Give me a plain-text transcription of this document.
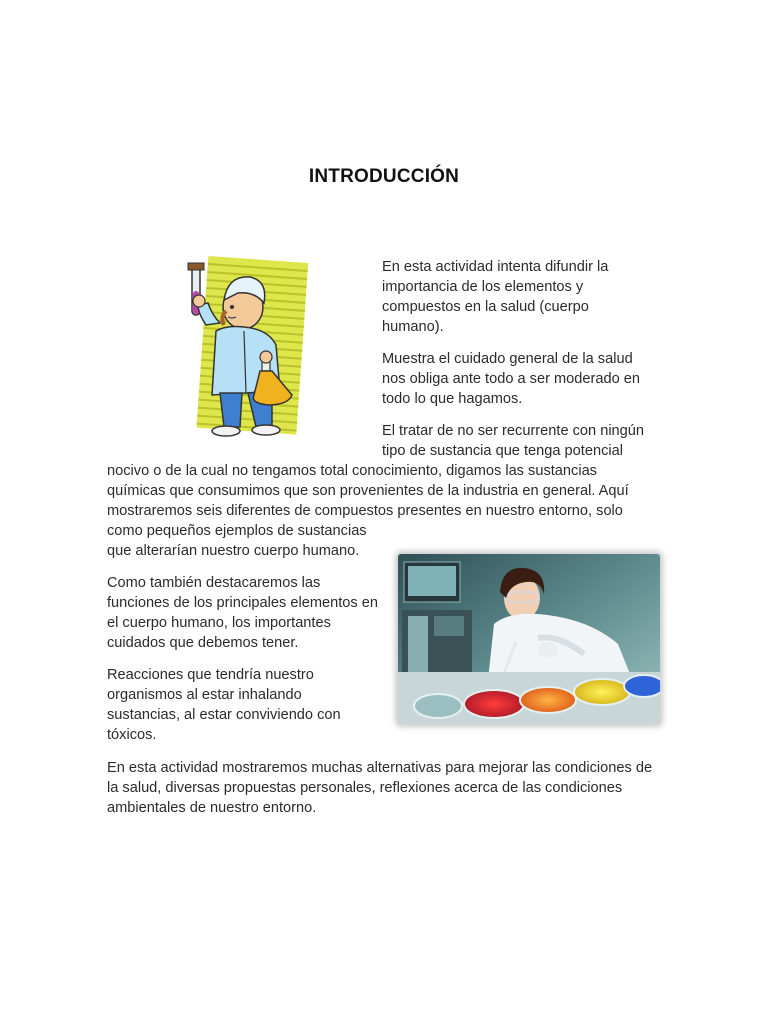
INTRODUCCIÓN
En esta actividad intenta difundir la importancia de los elementos y compuestos en la salud (cuerpo humano).
Muestra el cuidado general de la salud nos obliga ante todo a ser moderado en todo lo que hagamos.
El tratar de no ser recurrente con ningún
tipo de sustancia que tenga potencial
nocivo o de la cual no tengamos total conocimiento, digamos las sustancias
químicas que consumimos que son provenientes de la industria en general. Aquí
mostraremos seis diferentes de compuestos presentes en nuestro entorno, solo
como pequeños ejemplos de sustancias
que alterarían nuestro cuerpo humano.
Como también destacaremos las funciones de los principales elementos en el cuerpo humano, los importantes cuidados que debemos tener.
Reacciones que tendría nuestro organismos al estar inhalando sustancias, al estar conviviendo con tóxicos.
En esta actividad mostraremos muchas alternativas para mejorar las condiciones de la salud, diversas propuestas personales, reflexiones acerca de las condiciones ambientales de nuestro entorno.
